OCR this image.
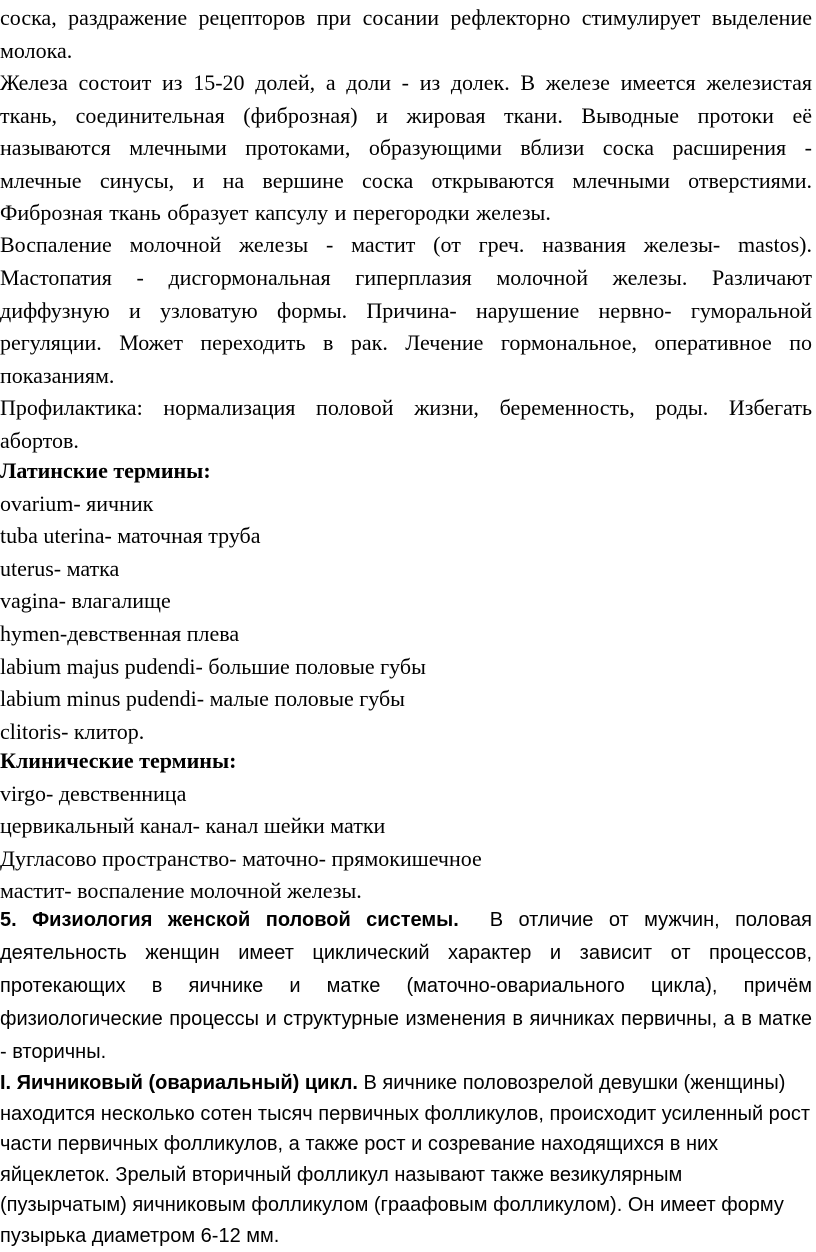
соска, раздражение рецепторов при сосании рефлекторно стимулирует выделение молока.

Железа состоит из 15-20 долей, а доли - из долек. В железе имеется железистая ткань, соединительная (фиброзная) и жировая ткани. Выводные протоки её называются млечными протоками, образующими вблизи соска расширения - млечные синусы, и на вершине соска открываются млечными отверстиями. Фиброзная ткань образует капсулу и перегородки железы.

Воспаление молочной железы - мастит (от греч. названия железы- mastos).

Мастопатия - дисгормональная гиперплазия молочной железы. Различают диффузную и узловатую формы. Причина- нарушение нервно- гуморальной регуляции. Может переходить в рак. Лечение гормональное, оперативное по показаниям.

Профилактика: нормализация половой жизни, беременность, роды. Избегать абортов.

Латинские термины:

ovarium- яичник

tuba uterina- маточная труба

uterus- матка

vagina- влагалище

hymen-девственная плева

labium majus pudendi- большие половые губы

labium minus pudendi- малые половые губы

clitoris- клитор.

Клинические термины:

virgo- девственница

цервикальный канал- канал шейки матки

Дугласово пространство- маточно- прямокишечное

мастит- воспаление молочной железы.

5. Физиология женской половой системы. В отличие от мужчин, половая деятельность женщин имеет циклический характер и зависит от процессов, протекающих в яичнике и матке (маточно-овариального цикла), причём физиологические процессы и структурные изменения в яичниках первичны, а в матке - вторичны.

I. Яичниковый (овариальный) цикл. В яичнике половозрелой девушки (женщины) находится несколько сотен тысяч первичных фолликулов, происходит усиленный рост части первичных фолликулов, а также рост и созревание находящихся в них яйцеклеток. Зрелый вторичный фолликул называют также везикулярным (пузырчатым) яичниковым фолликулом (граафовым фолликулом). Он имеет форму пузырька диаметром 6-12 мм.
